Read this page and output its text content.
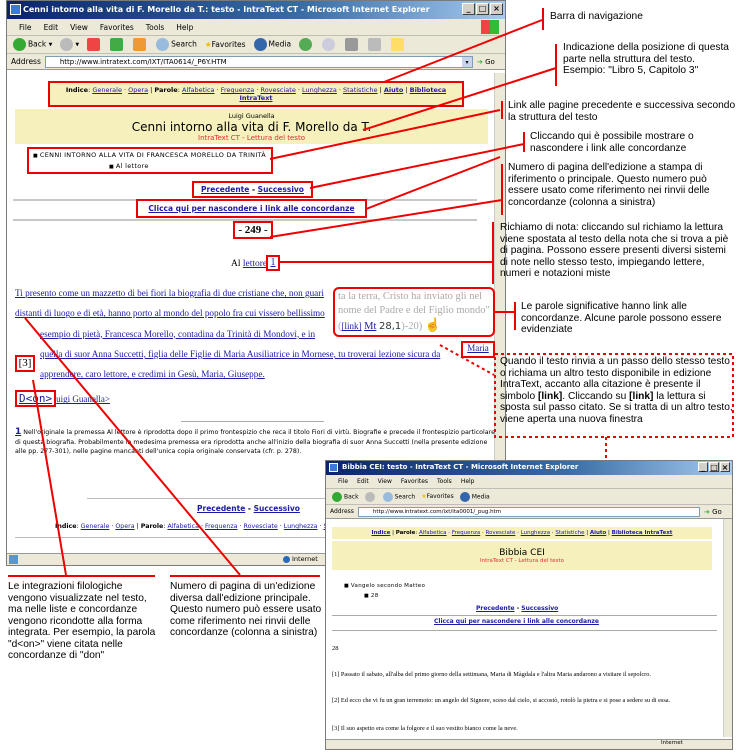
Cenni intorno alla vita di F. Morello da T.: testo - IntraText CT - Microsoft Internet Explorer	_	□ ×
File Edit View Favorites Tools Help
Back ▾	▾	Search ★Favorites	Media
Address	http://www.intratext.com/IXT/ITA0614/_P6Y.HTM	▾	➔ Go
Indice: Generale · Opera | Parole: Alfabetica · Frequenza · Rovesciate · Lunghezza · Statistiche | Aiuto | Biblioteca IntraText
Luigi Guanella
Cenni intorno alla vita di F. Morello da T.
IntraText CT - Lettura del testo
■ CENNI INTORNO ALLA VITA DI FRANCESCA MORELLO DA TRINITÀ
■ Al lettore
Precedente - Successivo
Clicca qui per nascondere i link alle concordanze
- 249 -
Al lettore 1
ta la terra, Cristo ha inviato gli nel nome del Padre e del Figlio mondo" ([link] Mt 28,1)-20) ☝
Maria
[3]
Ti presento come un mazzetto di bei fiori la biografia di due cristiane che, non guari distanti di luogo e di età, hanno porto al mondo del popolo fra cui vissero bellissimo esempio di pietà, Francesca Morello, contadina da Trinità di Mondovì, e in quella di suor Anna Succetti, figlia delle Figlie di Maria Ausiliatrice in Mornese, tu troverai lezione sicura da apprendere, caro lettore, e credimi in Gesù, Maria, Giuseppe.
D<on> uigi Guanella>
1 Nell'originale la premessa Al lettore è riprodotta dopo il primo frontespizio che reca il titolo Fiori di virtù. Biografie e precede il frontespizio particolare di questa biografia. Probabilmente la medesima premessa era riprodotta anche all'inizio della biografia di suor Anna Succetti (nella presente edizione alle pp. 277-301), nelle pagine mancanti dell'unica copia originale conservata (cfr. p. 278).
Precedente - Successivo
Indice: Generale · Opera | Parole: Alfabetica · Frequenza · Rovesciate · Lunghezza ·
Internet
Bibbia CEI: testo - IntraText CT - Microsoft Internet Explorer	_ □ ×
File Edit View Favorites Tools Help
Back	Search ★Favorites	Media
Address	http://www.intratext.com/ixt/ita0001/_pug.htm	➔ Go
Indice | Parole: Alfabetica · Frequenza · Rovesciate · Lunghezza · Statistiche | Aiuto | Biblioteca IntraText
Bibbia CEI
IntraText CT - Lettura del testo
■ Vangelo secondo Matteo
■ 28
Precedente - Successivo
Clicca qui per nascondere i link alle concordanze
28
[1] Passato il sabato, all'alba del primo giorno della settimana, Maria di Màgdala e l'altra Maria andarono a visitare il sepolcro.
[2] Ed ecco che vi fu un gran terremoto: un angelo del Signore, sceso dal cielo, si accostò, rotolò la pietra e si pose a sedere su di essa.
[3] Il suo aspetto era come la folgore e il suo vestito bianco come la neve.
Internet
Barra di navigazione
Indicazione della posizione di questa parte nella struttura del testo.
Esempio: "Libro 5, Capitolo 3"
Link alle pagine precedente e successiva secondo la struttura del testo
Cliccando qui è possibile mostrare o nascondere i link alle concordanze
Numero di pagina dell'edizione a stampa di riferimento o principale. Questo numero può essere usato come riferimento nei rinvii delle concordanze (colonna a sinistra)
Richiamo di nota: cliccando sul richiamo la lettura viene spostata al testo della nota che si trova a piè di pagina. Possono essere presenti diversi sistemi di note nello stesso testo, impiegando lettere, numeri e notazioni miste
Le parole significative hanno link alle concordanze. Alcune parole possono essere evidenziate
Quando il testo rinvia a un passo dello stesso testo o richiama un altro testo disponibile in edizione IntraText, accanto alla citazione è presente il simbolo [link]. Cliccando su [link] la lettura si sposta sul passo citato. Se si tratta di un altro testo, viene aperta una nuova finestra
Le integrazioni filologiche vengono visualizzate nel testo, ma nelle liste e concordanze vengono ricondotte alla forma integrata. Per esempio, la parola "d<on>" viene citata nelle concordanze di "don"
Numero di pagina di un'edizione diversa dall'edizione principale. Questo numero può essere usato come riferimento nei rinvii delle concordanze (colonna a sinistra)
